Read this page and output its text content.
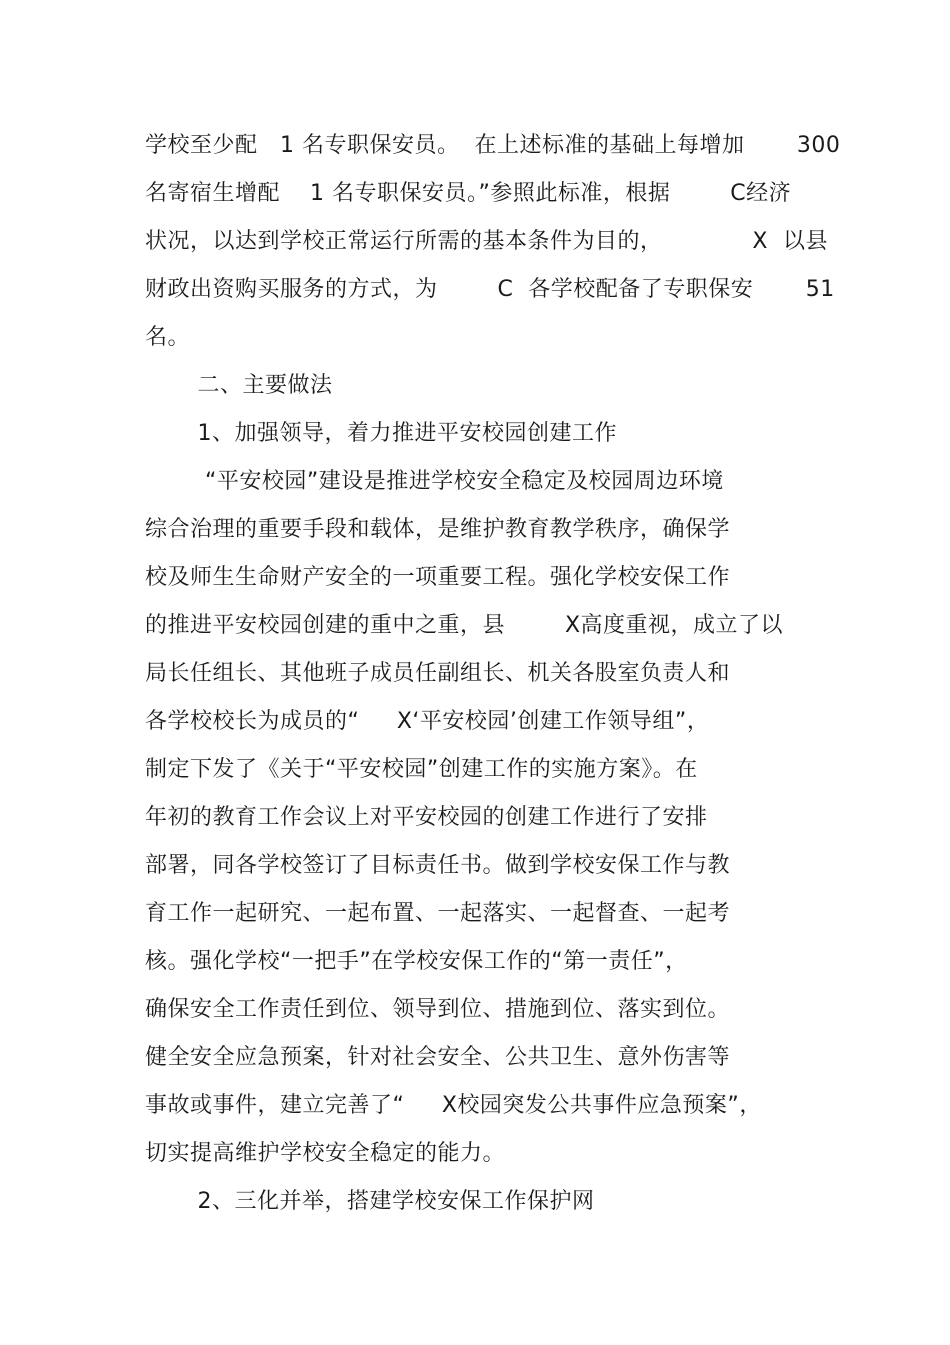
学校至少配   1 名专职保安员。  在上述标准的基础上每增加       300
名寄宿生增配    1 名专职保安员。”参照此标准，根据        C经济
状况，以达到学校正常运行所需的基本条件为目的，            X  以县
财政出资购买服务的方式，为        C  各学校配备了专职保安       51
名。
二、主要做法
1、加强领导，着力推进平安校园创建工作
“平安校园”建设是推进学校安全稳定及校园周边环境
综合治理的重要手段和载体，是维护教育教学秩序，确保学
校及师生生命财产安全的一项重要工程。强化学校安保工作
的推进平安校园创建的重中之重，县        X高度重视，成立了以
局长任组长、其他班子成员任副组长、机关各股室负责人和
各学校校长为成员的“     X‘平安校园’创建工作领导组”，
制定下发了《关于“平安校园”创建工作的实施方案》。在
年初的教育工作会议上对平安校园的创建工作进行了安排
部署，同各学校签订了目标责任书。做到学校安保工作与教
育工作一起研究、一起布置、一起落实、一起督查、一起考
核。强化学校“一把手”在学校安保工作的“第一责任”，
确保安全工作责任到位、领导到位、措施到位、落实到位。
健全安全应急预案，针对社会安全、公共卫生、意外伤害等
事故或事件，建立完善了“     X校园突发公共事件应急预案”，
切实提高维护学校安全稳定的能力。
2、三化并举，搭建学校安保工作保护网
